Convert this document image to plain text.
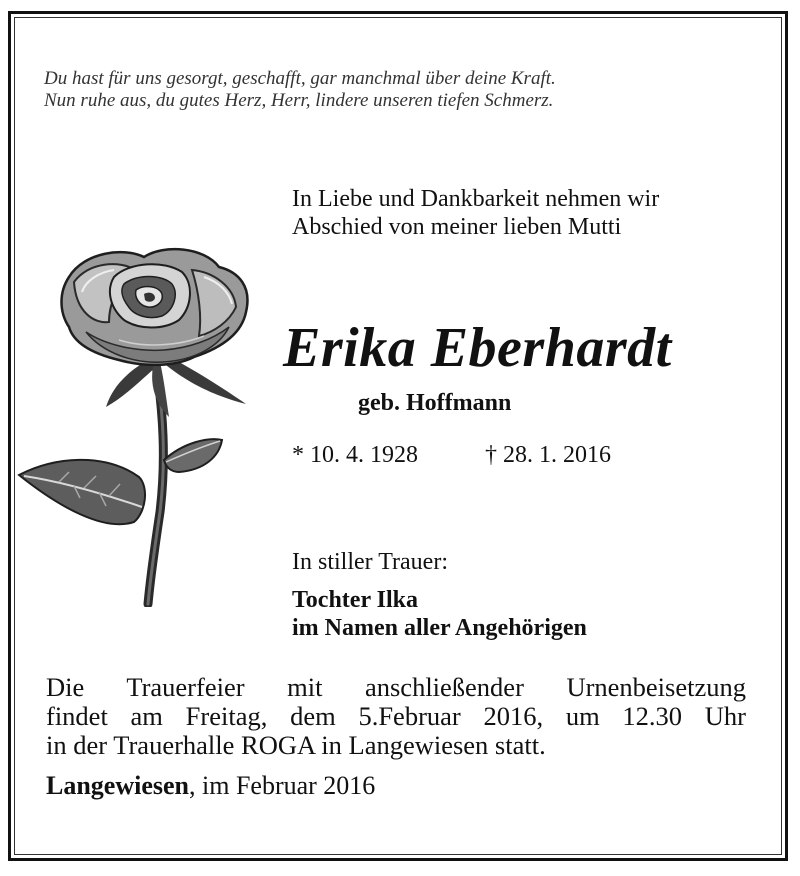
Du hast für uns gesorgt, geschafft, gar manchmal über deine Kraft.
Nun ruhe aus, du gutes Herz, Herr, lindere unseren tiefen Schmerz.
In Liebe und Dankbarkeit nehmen wir
Abschied von meiner lieben Mutti
Erika Eberhardt
geb. Hoffmann
* 10. 4. 1928	† 28. 1. 2016
In stiller Trauer:
Tochter Ilka
im Namen aller Angehörigen
Die Trauerfeier mit anschließender Urnenbeisetzung
findet am Freitag, dem 5.Februar 2016, um 12.30 Uhr
in der Trauerhalle ROGA in Langewiesen statt.
Langewiesen, im Februar 2016
